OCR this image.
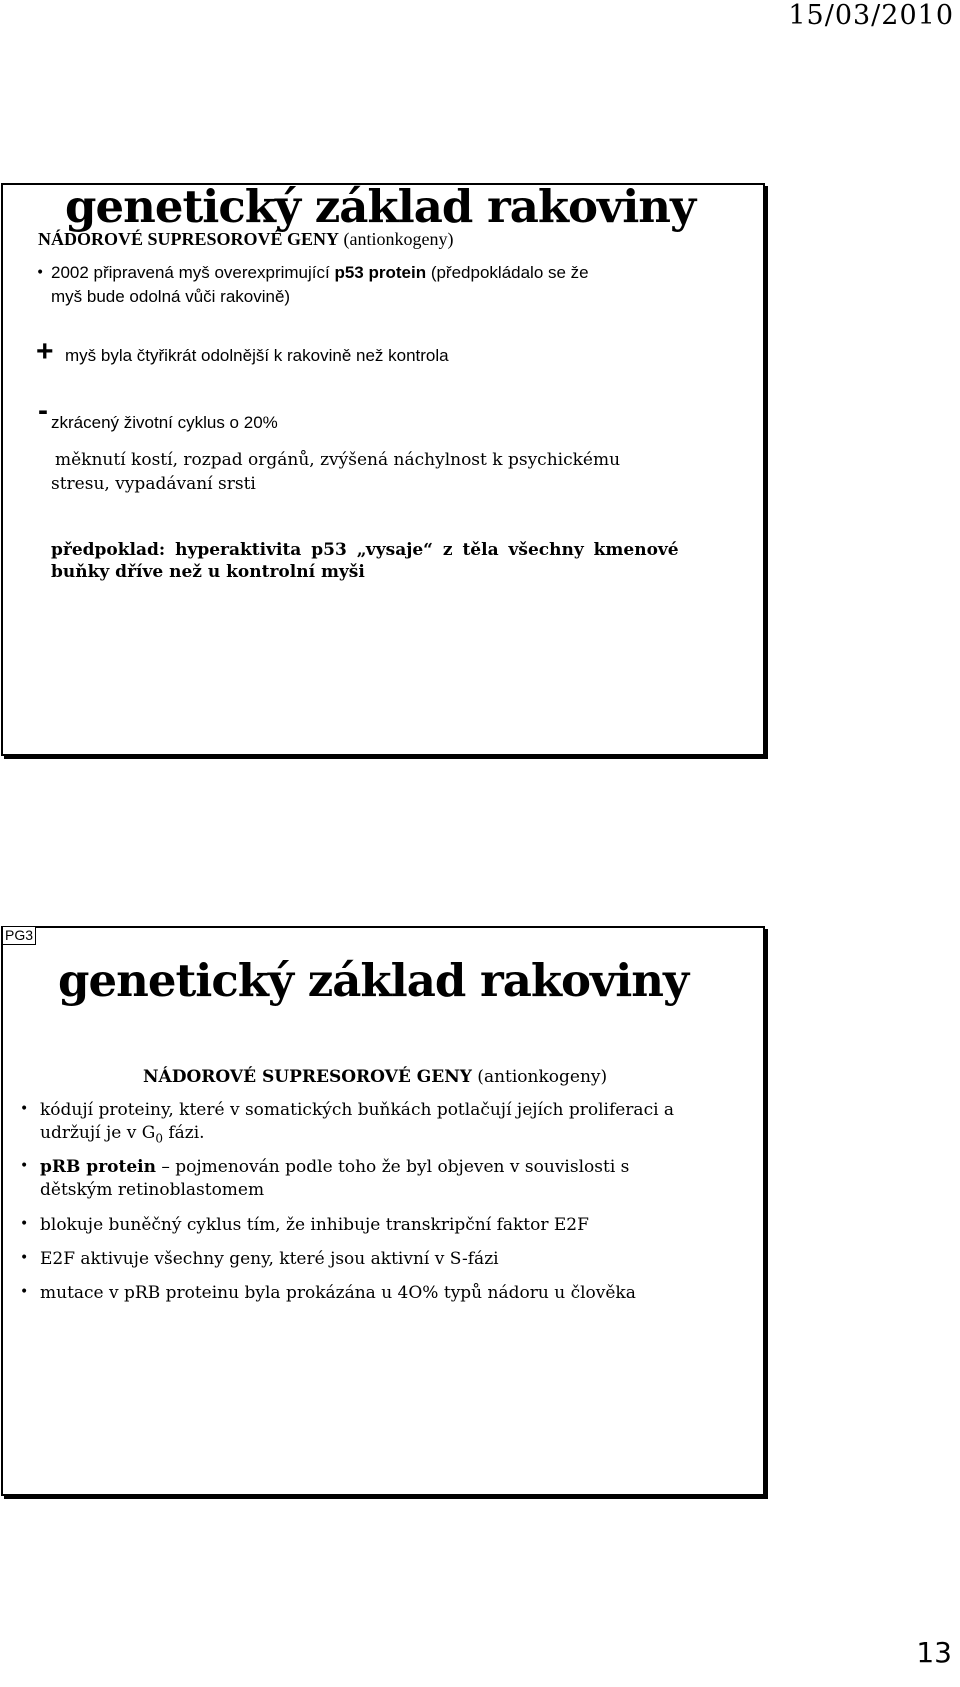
15/03/2010
genetický základ rakoviny
NÁDOROVÉ SUPRESOROVÉ GENY (antionkogeny)
• 2002 připravená myš overexprimující p53 protein (předpokládalo se že
myš bude odolná vůči rakovině)
+ myš byla čtyřikrát odolnější k rakovině než kontrola
- zkrácený životní cyklus o 20%
měknutí kostí, rozpad orgánů, zvýšená náchylnost k psychickému
stresu, vypadávaní srsti
předpoklad: hyperaktivita p53 „vysaje“ z těla všechny kmenové
buňky dříve než u kontrolní myši
PG3
genetický základ rakoviny
NÁDOROVÉ SUPRESOROVÉ GENY (antionkogeny)
• kódují proteiny, které v somatických buňkách potlačují jejích proliferaci a
udržují je v $G_0$ fázi.
• pRB protein – pojmenován podle toho že byl objeven v souvislosti s
dětským retinoblastomem
• blokuje buněčný cyklus tím, že inhibuje transkripční faktor E2F
• E2F aktivuje všechny geny, které jsou aktivní v S-fázi
• mutace v pRB proteinu byla prokázána u 4O% typů nádoru u člověka
13
